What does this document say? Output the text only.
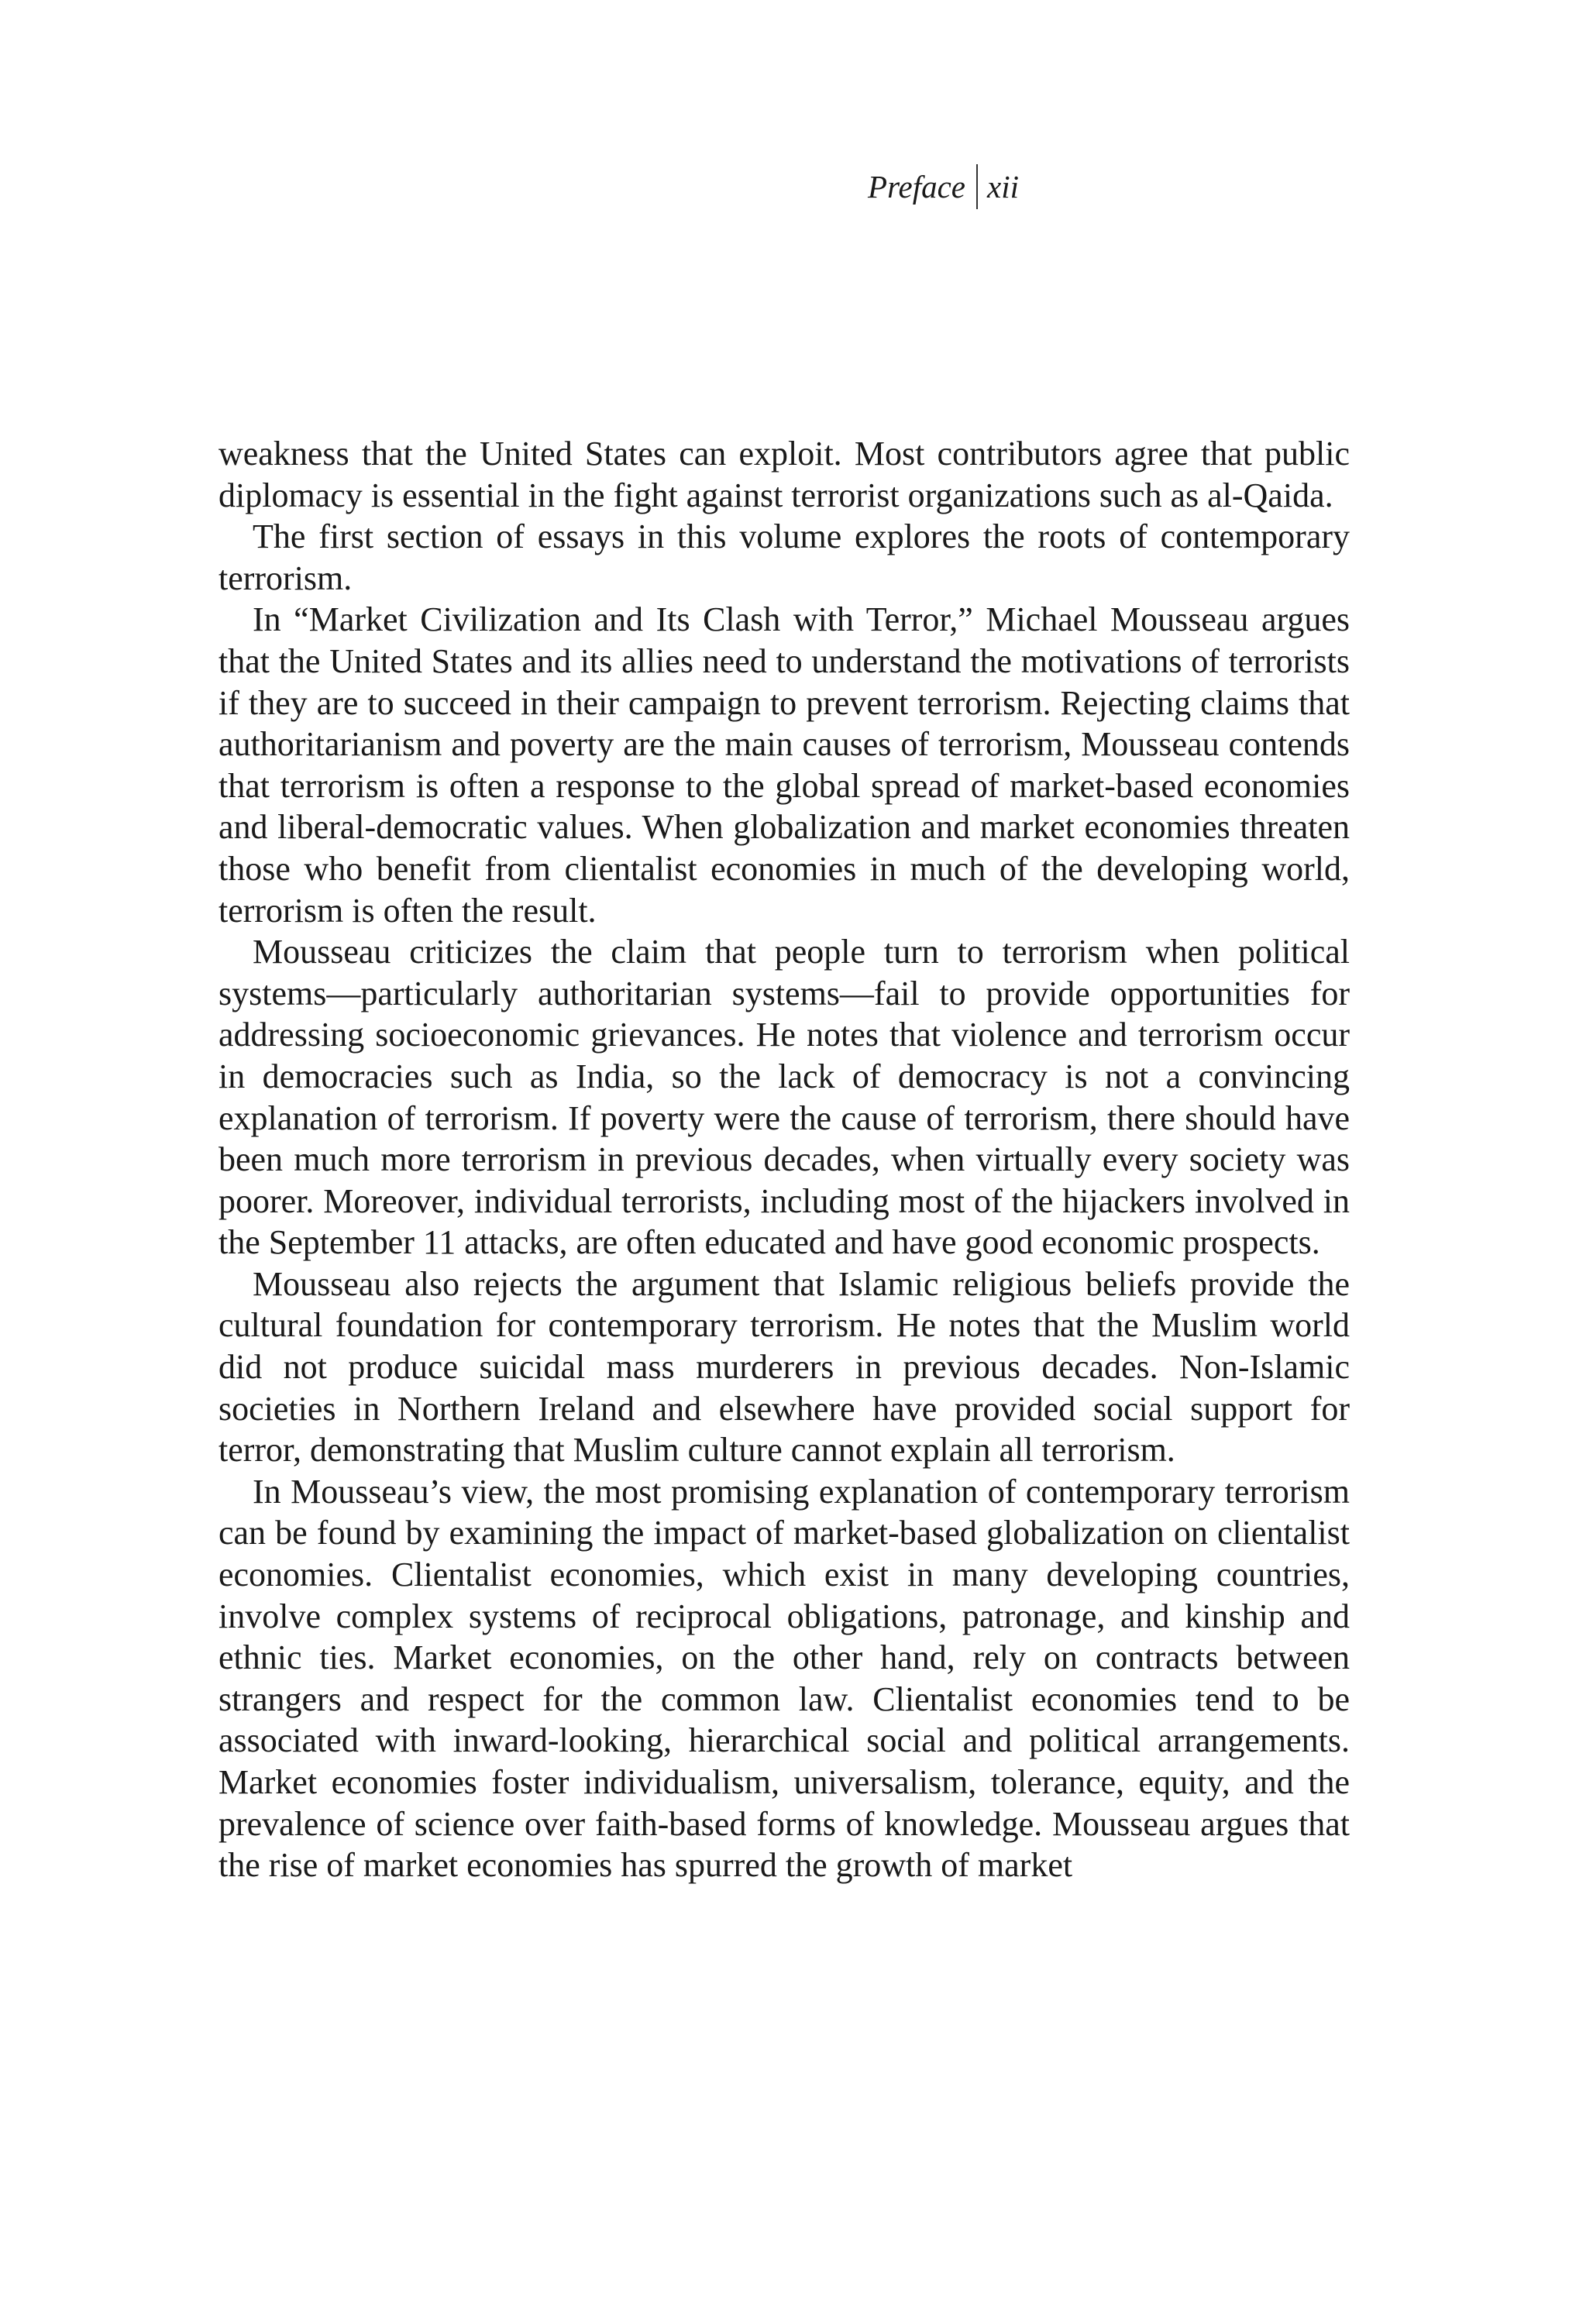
Preface xii

weakness that the United States can exploit. Most contributors agree that public diplomacy is essential in the fight against terrorist organizations such as al-Qaida.

The first section of essays in this volume explores the roots of contemporary terrorism.

In “Market Civilization and Its Clash with Terror,” Michael Mousseau argues that the United States and its allies need to understand the motivations of terrorists if they are to succeed in their campaign to prevent terrorism. Rejecting claims that authoritarianism and poverty are the main causes of terrorism, Mousseau contends that terrorism is often a response to the global spread of market-based economies and liberal-democratic values. When globalization and market economies threaten those who benefit from clientalist economies in much of the developing world, terrorism is often the result.

Mousseau criticizes the claim that people turn to terrorism when political systems—particularly authoritarian systems—fail to provide opportunities for addressing socioeconomic grievances. He notes that violence and terrorism occur in democracies such as India, so the lack of democracy is not a convincing explanation of terrorism. If poverty were the cause of terrorism, there should have been much more terrorism in previous decades, when virtually every society was poorer. Moreover, individual terrorists, including most of the hijackers involved in the September 11 attacks, are often educated and have good economic prospects.

Mousseau also rejects the argument that Islamic religious beliefs provide the cultural foundation for contemporary terrorism. He notes that the Muslim world did not produce suicidal mass murderers in previous decades. Non-Islamic societies in Northern Ireland and elsewhere have provided social support for terror, demonstrating that Muslim culture cannot explain all terrorism.

In Mousseau’s view, the most promising explanation of contemporary terrorism can be found by examining the impact of market-based globalization on clientalist economies. Clientalist economies, which exist in many developing countries, involve complex systems of reciprocal obligations, patronage, and kinship and ethnic ties. Market economies, on the other hand, rely on contracts between strangers and respect for the common law. Clientalist economies tend to be associated with inward-looking, hierarchical social and political arrangements. Market economies foster individualism, universalism, tolerance, equity, and the prevalence of science over faith-based forms of knowledge. Mousseau argues that the rise of market economies has spurred the growth of market
